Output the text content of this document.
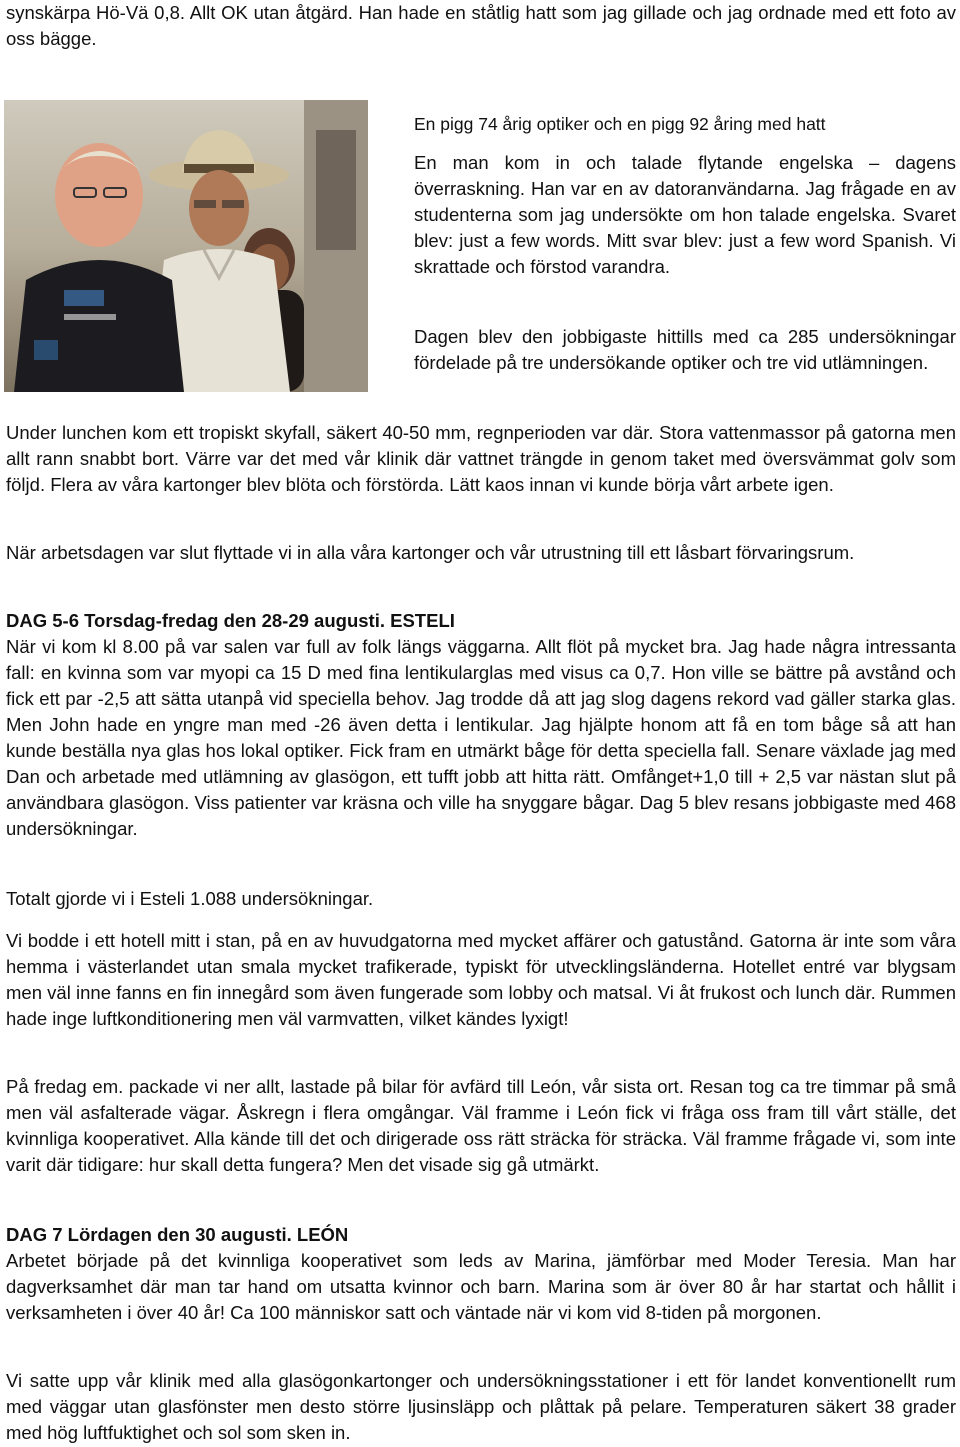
synskärpa Hö-Vä 0,8. Allt OK utan åtgärd. Han hade en ståtlig hatt som jag gillade och jag ordnade med ett foto av oss bägge.

En pigg 74 årig optiker och en pigg 92 åring med hatt

En man kom in och talade flytande engelska – dagens överraskning. Han var en av datoranvändarna. Jag frågade en av studenterna som jag undersökte om hon talade engelska. Svaret blev: just a few words. Mitt svar blev: just a few word Spanish. Vi skrattade och förstod varandra.

Dagen blev den jobbigaste hittills med ca 285 undersökningar fördelade på tre undersökande optiker och tre vid utlämningen.

Under lunchen kom ett tropiskt skyfall, säkert 40-50 mm, regnperioden var där. Stora vattenmassor på gatorna men allt rann snabbt bort. Värre var det med vår klinik där vattnet trängde in genom taket med översvämmat golv som följd. Flera av våra kartonger blev blöta och förstörda. Lätt kaos innan vi kunde börja vårt arbete igen.

När arbetsdagen var slut flyttade vi in alla våra kartonger och vår utrustning till ett låsbart förvaringsrum.

DAG 5-6 Torsdag-fredag den 28-29 augusti. ESTELI

När vi kom kl 8.00 på var salen var full av folk längs väggarna. Allt flöt på mycket bra. Jag hade några intressanta fall: en kvinna som var myopi ca 15 D med fina lentikularglas med visus ca 0,7. Hon ville se bättre på avstånd och fick ett par -2,5 att sätta utanpå vid speciella behov. Jag trodde då att jag slog dagens rekord vad gäller starka glas. Men John hade en yngre man med -26 även detta i lentikular. Jag hjälpte honom att få en tom båge så att han kunde beställa nya glas hos lokal optiker. Fick fram en utmärkt båge för detta speciella fall. Senare växlade jag med Dan och arbetade med utlämning av glasögon, ett tufft jobb att hitta rätt. Omfånget+1,0 till + 2,5 var nästan slut på användbara glasögon. Viss patienter var kräsna och ville ha snyggare bågar. Dag 5 blev resans jobbigaste med 468 undersökningar.

Totalt gjorde vi i Esteli 1.088 undersökningar.

Vi bodde i ett hotell mitt i stan, på en av huvudgatorna med mycket affärer och gatustånd. Gatorna är inte som våra hemma i västerlandet utan smala mycket trafikerade, typiskt för utvecklingsländerna. Hotellet entré var blygsam men väl inne fanns en fin innegård som även fungerade som lobby och matsal. Vi åt frukost och lunch där. Rummen hade inge luftkonditionering men väl varmvatten, vilket kändes lyxigt!

På fredag em. packade vi ner allt, lastade på bilar för avfärd till León, vår sista ort. Resan tog ca tre timmar på små men väl asfalterade vägar. Åskregn i flera omgångar. Väl framme i León fick vi fråga oss fram till vårt ställe, det kvinnliga kooperativet. Alla kände till det och dirigerade oss rätt sträcka för sträcka. Väl framme frågade vi, som inte varit där tidigare: hur skall detta fungera? Men det visade sig gå utmärkt.

DAG 7 Lördagen den 30 augusti. LEÓN

Arbetet började på det kvinnliga kooperativet som leds av Marina, jämförbar med Moder Teresia. Man har dagverksamhet där man tar hand om utsatta kvinnor och barn. Marina som är över 80 år har startat och hållit i verksamheten i över 40 år! Ca 100 människor satt och väntade när vi kom vid 8-tiden på morgonen.

Vi satte upp vår klinik med alla glasögonkartonger och undersökningsstationer i ett för landet konventionellt rum med väggar utan glasfönster men desto större ljusinsläpp och plåttak på pelare. Temperaturen säkert 38 grader med hög luftfuktighet och sol som sken in.
